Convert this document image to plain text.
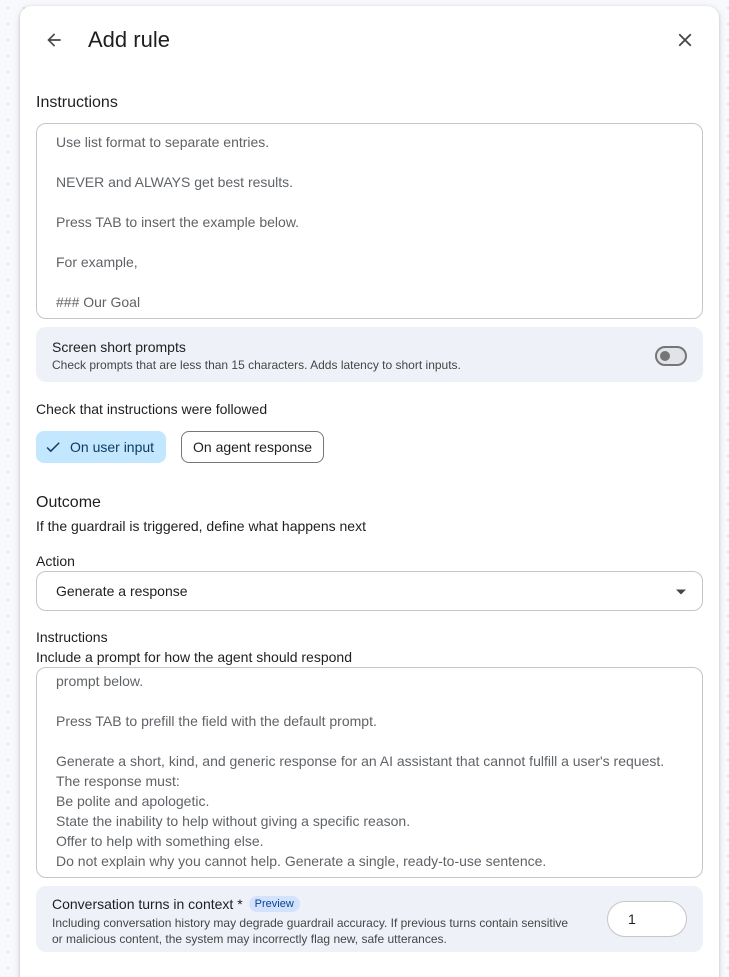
Add rule
Instructions
Use list format to separate entries.
NEVER and ALWAYS get best results.
Press TAB to insert the example below.
For example,
### Our Goal
Screen short prompts
Check prompts that are less than 15 characters. Adds latency to short inputs.
Check that instructions were followed
On user input	On agent response
Outcome
If the guardrail is triggered, define what happens next
Action
Generate a response
Instructions
Include a prompt for how the agent should respond
prompt below.
Press TAB to prefill the field with the default prompt.
Generate a short, kind, and generic response for an AI assistant that cannot fulfill a user's request.
The response must:
Be polite and apologetic.
State the inability to help without giving a specific reason.
Offer to help with something else.
Do not explain why you cannot help. Generate a single, ready-to-use sentence.
Conversation turns in context *	Preview
Including conversation history may degrade guardrail accuracy. If previous turns contain sensitive
or malicious content, the system may incorrectly flag new, safe utterances.
1
